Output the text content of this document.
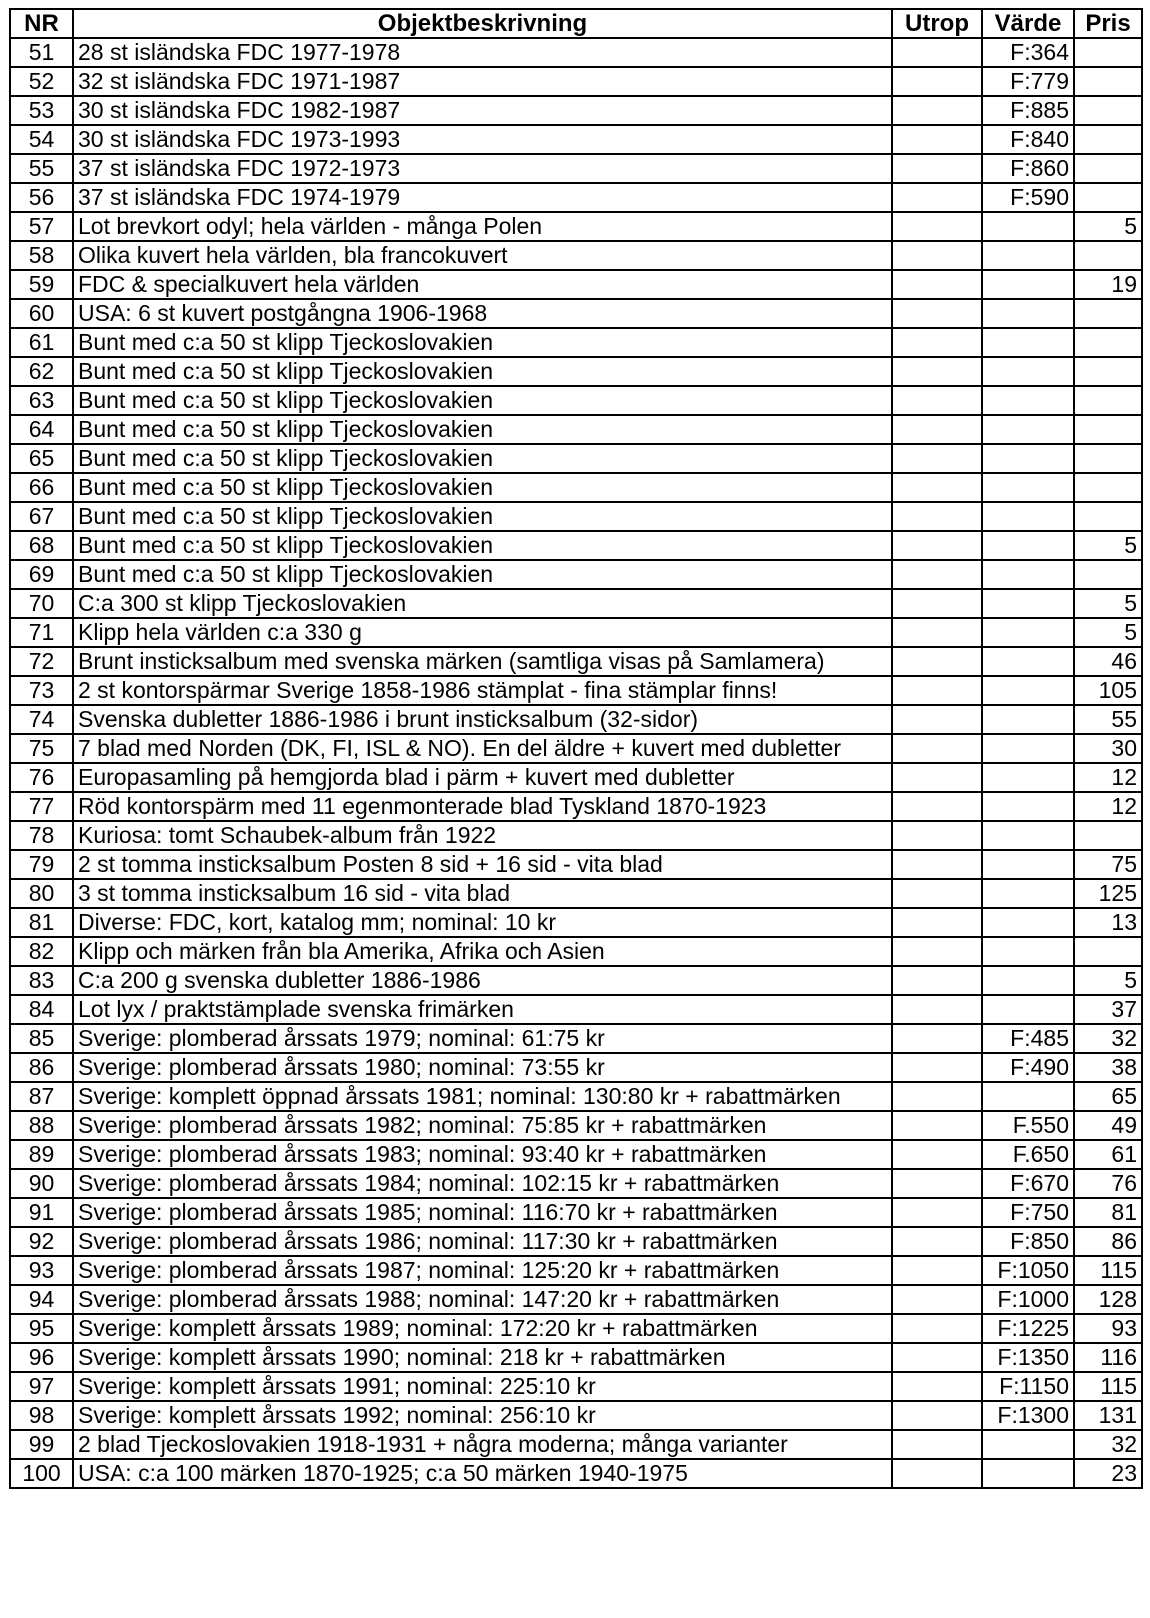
NR	Objektbeskrivning	Utrop	Värde	Pris
51	28 st isländska FDC 1977-1978		F:364	
52	32 st isländska FDC 1971-1987		F:779	
53	30 st isländska FDC 1982-1987		F:885	
54	30 st isländska FDC 1973-1993		F:840	
55	37 st isländska FDC 1972-1973		F:860	
56	37 st isländska FDC 1974-1979		F:590	
57	Lot brevkort odyl; hela världen - många Polen			5
58	Olika kuvert hela världen, bla francokuvert			
59	FDC & specialkuvert hela världen			19
60	USA: 6 st kuvert postgångna 1906-1968			
61	Bunt med c:a 50 st klipp Tjeckoslovakien			
62	Bunt med c:a 50 st klipp Tjeckoslovakien			
63	Bunt med c:a 50 st klipp Tjeckoslovakien			
64	Bunt med c:a 50 st klipp Tjeckoslovakien			
65	Bunt med c:a 50 st klipp Tjeckoslovakien			
66	Bunt med c:a 50 st klipp Tjeckoslovakien			
67	Bunt med c:a 50 st klipp Tjeckoslovakien			
68	Bunt med c:a 50 st klipp Tjeckoslovakien			5
69	Bunt med c:a 50 st klipp Tjeckoslovakien			
70	C:a 300 st klipp Tjeckoslovakien			5
71	Klipp hela världen c:a 330 g			5
72	Brunt insticksalbum med svenska märken (samtliga visas på Samlamera)			46
73	2 st kontorspärmar Sverige 1858-1986 stämplat - fina stämplar finns!			105
74	Svenska dubletter 1886-1986 i brunt insticksalbum (32-sidor)			55
75	7 blad med Norden (DK, FI, ISL & NO). En del äldre + kuvert med dubletter			30
76	Europasamling på hemgjorda blad i pärm + kuvert med dubletter			12
77	Röd kontorspärm med 11 egenmonterade blad Tyskland 1870-1923			12
78	Kuriosa: tomt Schaubek-album från 1922			
79	2 st tomma insticksalbum Posten 8 sid + 16 sid - vita blad			75
80	3 st tomma insticksalbum 16 sid - vita blad			125
81	Diverse: FDC, kort, katalog mm; nominal: 10 kr			13
82	Klipp och märken från bla Amerika, Afrika och Asien			
83	C:a 200 g svenska dubletter 1886-1986			5
84	Lot lyx / praktstämplade svenska frimärken			37
85	Sverige: plomberad årssats 1979; nominal: 61:75 kr		F:485	32
86	Sverige: plomberad årssats 1980; nominal: 73:55 kr		F:490	38
87	Sverige: komplett öppnad årssats 1981; nominal: 130:80 kr + rabattmärken			65
88	Sverige: plomberad årssats 1982; nominal: 75:85 kr + rabattmärken		F.550	49
89	Sverige: plomberad årssats 1983; nominal: 93:40 kr + rabattmärken		F.650	61
90	Sverige: plomberad årssats 1984; nominal: 102:15 kr + rabattmärken		F:670	76
91	Sverige: plomberad årssats 1985; nominal: 116:70 kr + rabattmärken		F:750	81
92	Sverige: plomberad årssats 1986; nominal: 117:30 kr + rabattmärken		F:850	86
93	Sverige: plomberad årssats 1987; nominal: 125:20 kr + rabattmärken		F:1050	115
94	Sverige: plomberad årssats 1988; nominal: 147:20 kr + rabattmärken		F:1000	128
95	Sverige: komplett årssats 1989; nominal: 172:20 kr + rabattmärken		F:1225	93
96	Sverige: komplett årssats 1990; nominal: 218 kr + rabattmärken		F:1350	116
97	Sverige: komplett årssats 1991; nominal: 225:10 kr		F:1150	115
98	Sverige: komplett årssats 1992; nominal: 256:10 kr		F:1300	131
99	2 blad Tjeckoslovakien 1918-1931 + några moderna; många varianter			32
100	USA: c:a 100 märken 1870-1925; c:a 50 märken 1940-1975			23
